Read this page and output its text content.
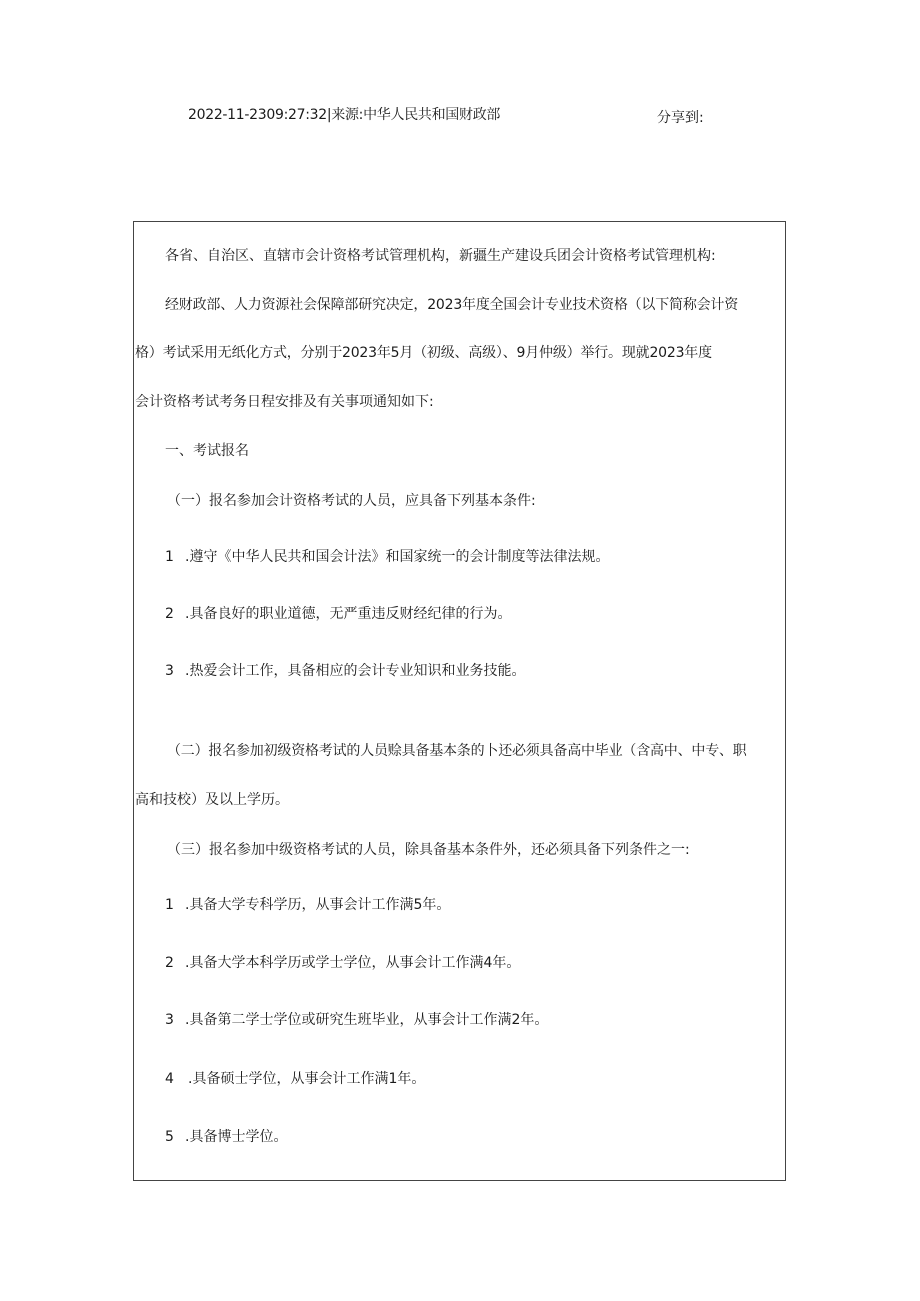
2022-11-2309:27:32|来源:中华人民共和国财政部	分享到:
各省、自治区、直辖市会计资格考试管理机构，新疆生产建设兵团会计资格考试管理机构:
经财政部、人力资源社会保障部研究决定，2023年度全国会计专业技术资格（以下简称会计资
格）考试采用无纸化方式，分别于2023年5月（初级、高级）、9月仲级）举行。现就2023年度
会计资格考试考务日程安排及有关事项通知如下:
一、考试报名
（一）报名参加会计资格考试的人员，应具备下列基本条件:
1 .遵守《中华人民共和国会计法》和国家统一的会计制度等法律法规。
2 .具备良好的职业道德，无严重违反财经纪律的行为。
3 .热爱会计工作，具备相应的会计专业知识和业务技能。
（二）报名参加初级资格考试的人员赊具备基本条的卜还必须具备高中毕业（含高中、中专、职
高和技校）及以上学历。
（三）报名参加中级资格考试的人员，除具备基本条件外，还必须具备下列条件之一:
1 .具备大学专科学历，从事会计工作满5年。
2 .具备大学本科学历或学士学位，从事会计工作满4年。
3 .具备第二学士学位或研究生班毕业，从事会计工作满2年。
4 .具备硕士学位，从事会计工作满1年。
5 .具备博士学位。
